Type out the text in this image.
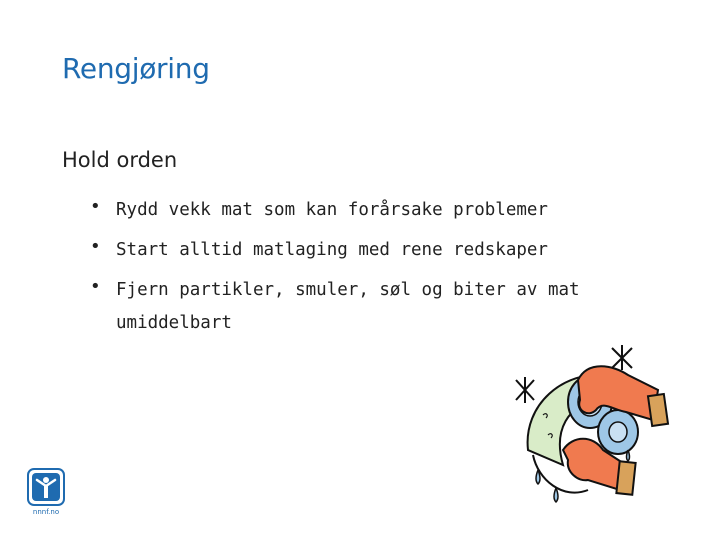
Rengjøring
Hold orden
• Rydd vekk mat som kan forårsake problemer
• Start alltid matlaging med rene redskaper
• Fjern partikler, smuler, søl og biter av mat umiddelbart
nnnf.no
